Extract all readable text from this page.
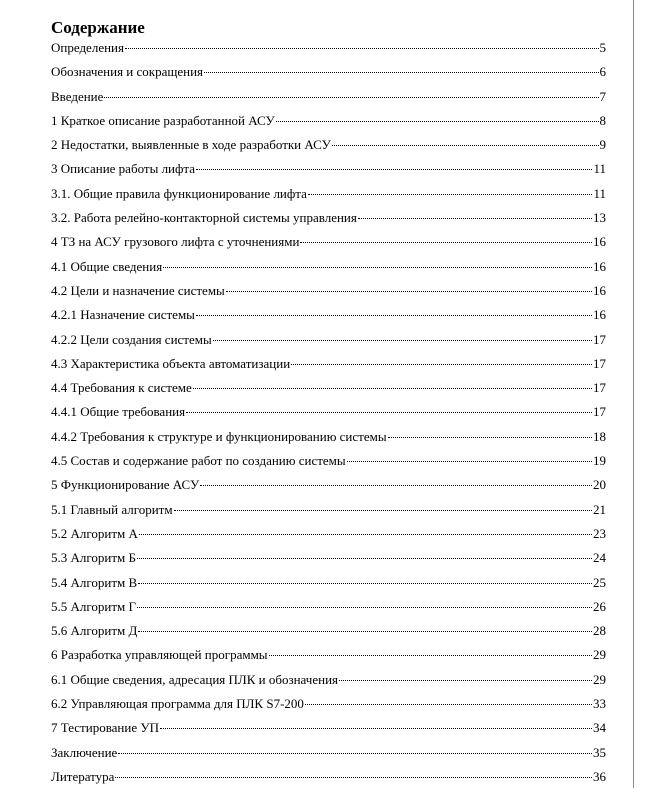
Содержание
Определения	5
Обозначения и сокращения	6
Введение	7
1 Краткое описание разработанной АСУ	8
2 Недостатки, выявленные в ходе разработки АСУ	9
3 Описание работы лифта	11
3.1. Общие правила функционирование лифта	11
3.2. Работа релейно-контакторной системы управления	13
4 ТЗ на АСУ грузового лифта с уточнениями	16
4.1 Общие сведения	16
4.2 Цели и назначение системы	16
4.2.1 Назначение системы	16
4.2.2 Цели создания системы	17
4.3 Характеристика объекта автоматизации	17
4.4 Требования к системе	17
4.4.1 Общие требования	17
4.4.2 Требования к структуре и функционированию системы	18
4.5 Состав и содержание работ по созданию системы	19
5 Функционирование АСУ	20
5.1 Главный алгоритм	21
5.2 Алгоритм А	23
5.3 Алгоритм Б	24
5.4 Алгоритм В	25
5.5 Алгоритм Г	26
5.6 Алгоритм Д	28
6 Разработка управляющей программы	29
6.1 Общие сведения, адресация ПЛК и обозначения	29
6.2 Управляющая программа для ПЛК S7-200	33
7 Тестирование УП	34
Заключение	35
Литература	36
